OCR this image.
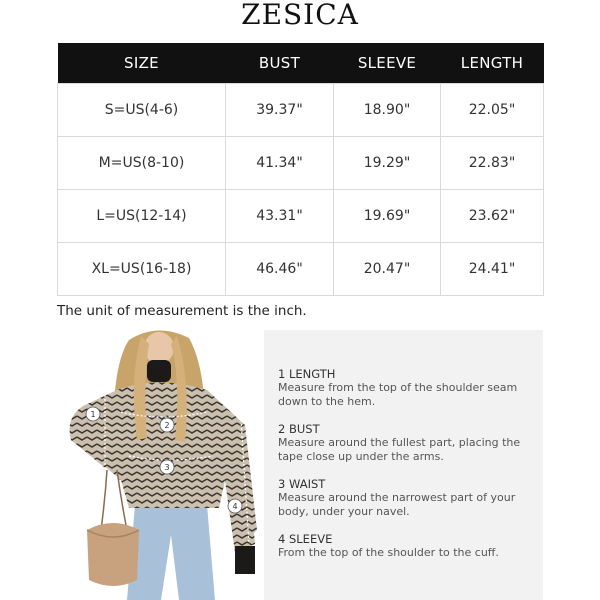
ZESICA
SIZE	BUST	SLEEVE	LENGTH
S=US(4-6)	39.37"	18.90"	22.05"
M=US(8-10)	41.34"	19.29"	22.83"
L=US(12-14)	43.31"	19.69"	23.62"
XL=US(16-18)	46.46"	20.47"	24.41"
The unit of measurement is the inch.
1
2
3
4
1 LENGTH
Measure from the top of the shoulder seam down to the hem.
2 BUST
Measure around the fullest part, placing the tape close up under the arms.
3 WAIST
Measure around the narrowest part of your body, under your navel.
4 SLEEVE
From the top of the shoulder to the cuff.
